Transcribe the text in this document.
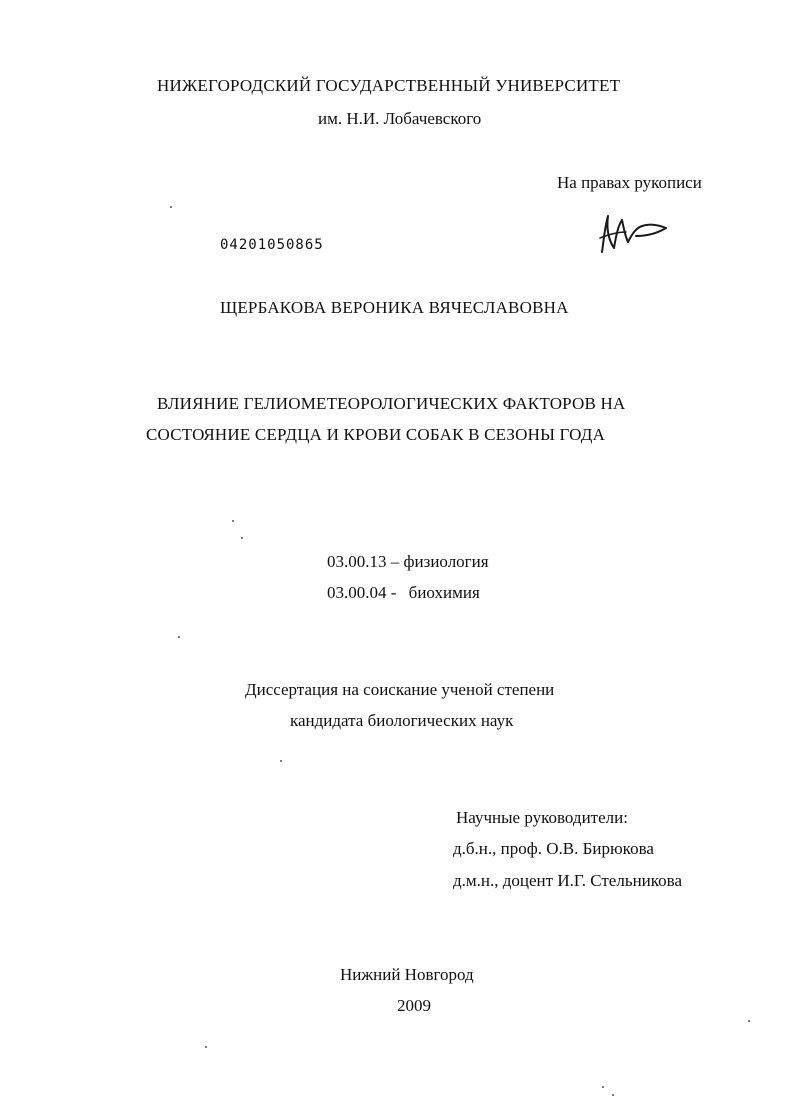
НИЖЕГОРОДСКИЙ ГОСУДАРСТВЕННЫЙ УНИВЕРСИТЕТ
им. Н.И. Лобачевского
На правах рукописи
04201050865
ЩЕРБАКОВА ВЕРОНИКА ВЯЧЕСЛАВОВНА
ВЛИЯНИЕ ГЕЛИОМЕТЕОРОЛОГИЧЕСКИХ ФАКТОРОВ НА
СОСТОЯНИЕ СЕРДЦА И КРОВИ СОБАК В СЕЗОНЫ ГОДА
03.00.13 – физиология
03.00.04 - биохимия
Диссертация на соискание ученой степени
кандидата биологических наук
Научные руководители:
д.б.н., проф. О.В. Бирюкова
д.м.н., доцент И.Г. Стельникова
Нижний Новгород
2009
